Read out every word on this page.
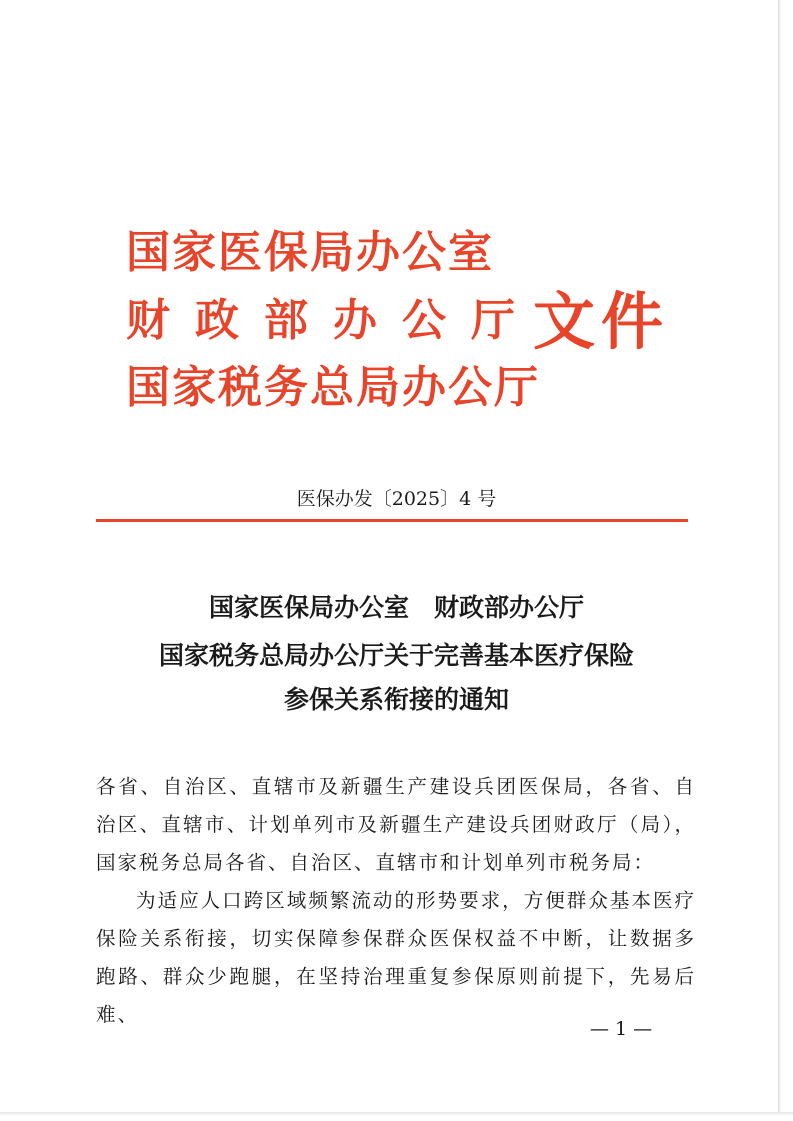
国家医保局办公室
财政部办公厅
国家税务总局办公厅
文件
医保办发〔2025〕4 号
国家医保局办公室　财政部办公厅
国家税务总局办公厅关于完善基本医疗保险
参保关系衔接的通知
各省、自治区、直辖市及新疆生产建设兵团医保局，各省、自治区、直辖市、计划单列市及新疆生产建设兵团财政厅（局），国家税务总局各省、自治区、直辖市和计划单列市税务局：
为适应人口跨区域频繁流动的形势要求，方便群众基本医疗保险关系衔接，切实保障参保群众医保权益不中断，让数据多跑路、群众少跑腿，在坚持治理重复参保原则前提下，先易后难、
— 1 —
